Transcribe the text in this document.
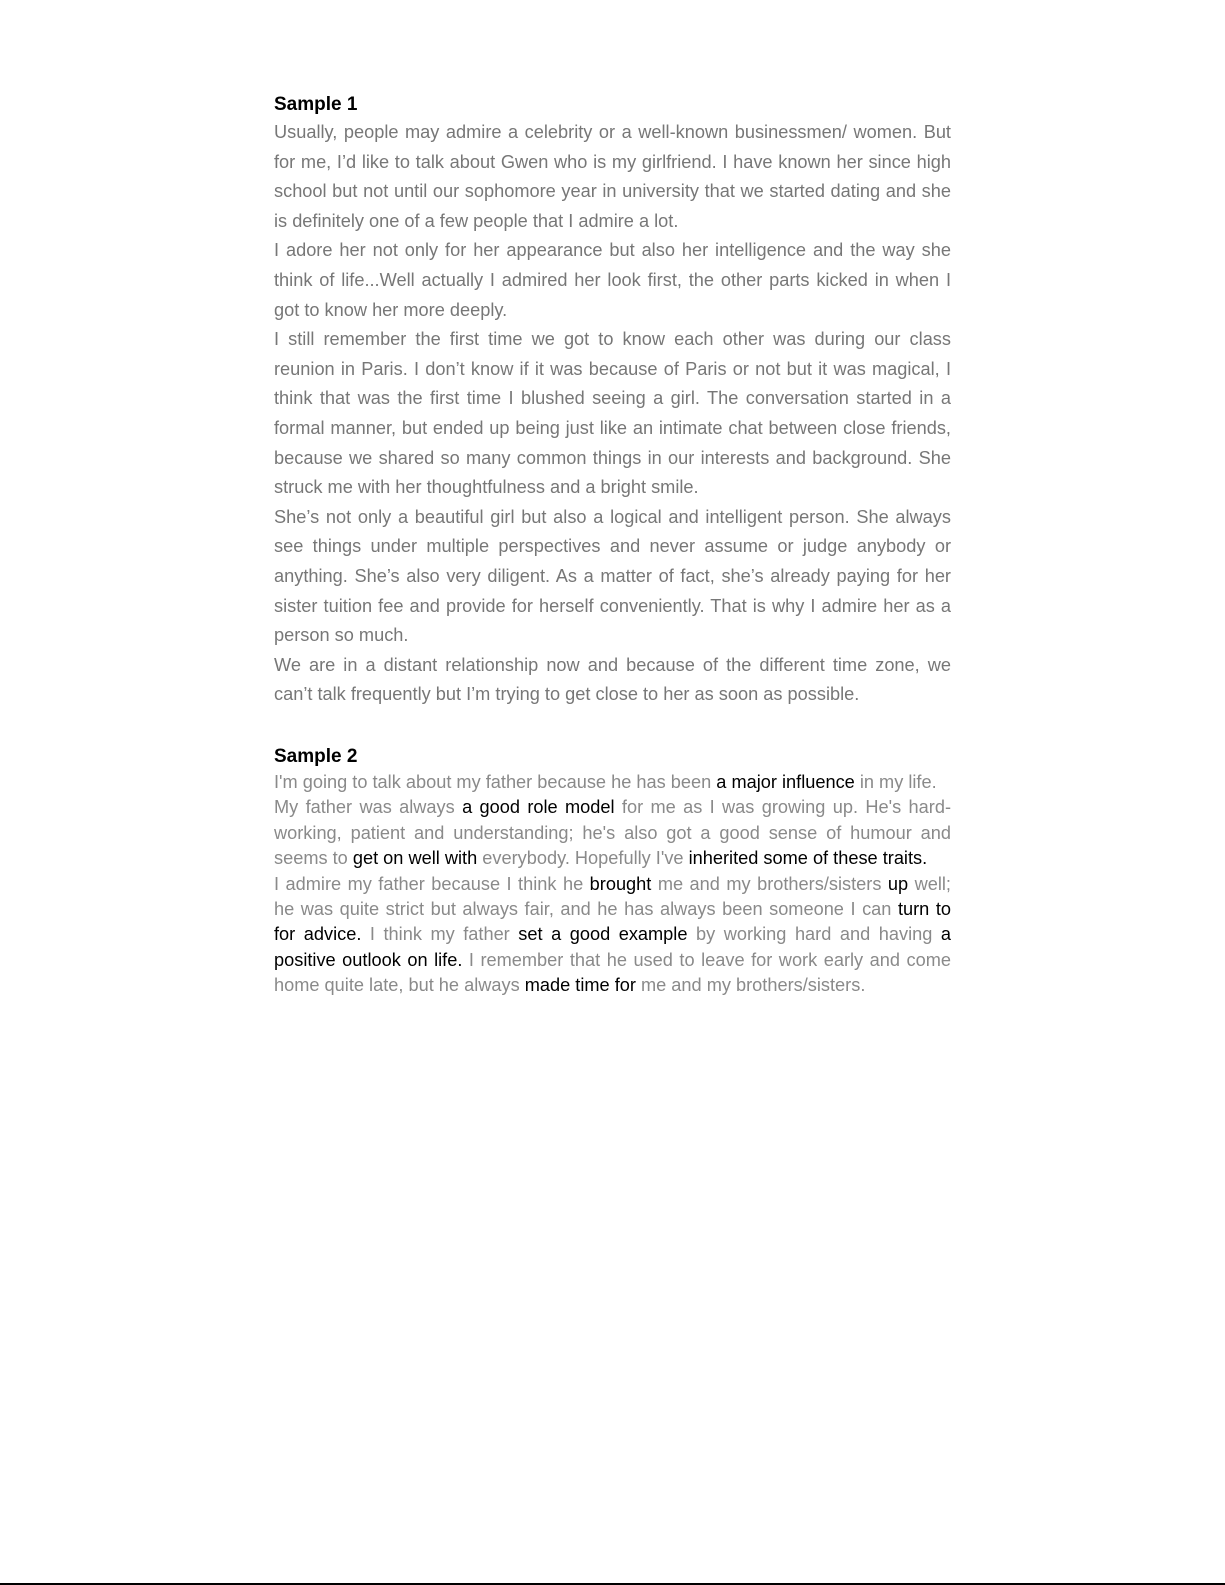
Sample 1

Usually, people may admire a celebrity or a well-known businessmen/ women. But for me, I’d like to talk about Gwen who is my girlfriend. I have known her since high school but not until our sophomore year in university that we started dating and she is definitely one of a few people that I admire a lot.

I adore her not only for her appearance but also her intelligence and the way she think of life...Well actually I admired her look first, the other parts kicked in when I got to know her more deeply.

I still remember the first time we got to know each other was during our class reunion in Paris. I don’t know if it was because of Paris or not but it was magical, I think that was the first time I blushed seeing a girl. The conversation started in a formal manner, but ended up being just like an intimate chat between close friends, because we shared so many common things in our interests and background. She struck me with her thoughtfulness and a bright smile.

She’s not only a beautiful girl but also a logical and intelligent person. She always see things under multiple perspectives and never assume or judge anybody or anything. She’s also very diligent. As a matter of fact, she’s already paying for her sister tuition fee and provide for herself conveniently. That is why I admire her as a person so much.

We are in a distant relationship now and because of the different time zone, we can’t talk frequently but I’m trying to get close to her as soon as possible.

Sample 2

I'm going to talk about my father because he has been a major influence in my life.

My father was always a good role model for me as I was growing up. He's hard-working, patient and understanding; he's also got a good sense of humour and seems to get on well with everybody. Hopefully I've inherited some of these traits.

I admire my father because I think he brought me and my brothers/sisters up well; he was quite strict but always fair, and he has always been someone I can turn to for advice. I think my father set a good example by working hard and having a positive outlook on life. I remember that he used to leave for work early and come home quite late, but he always made time for me and my brothers/sisters.
